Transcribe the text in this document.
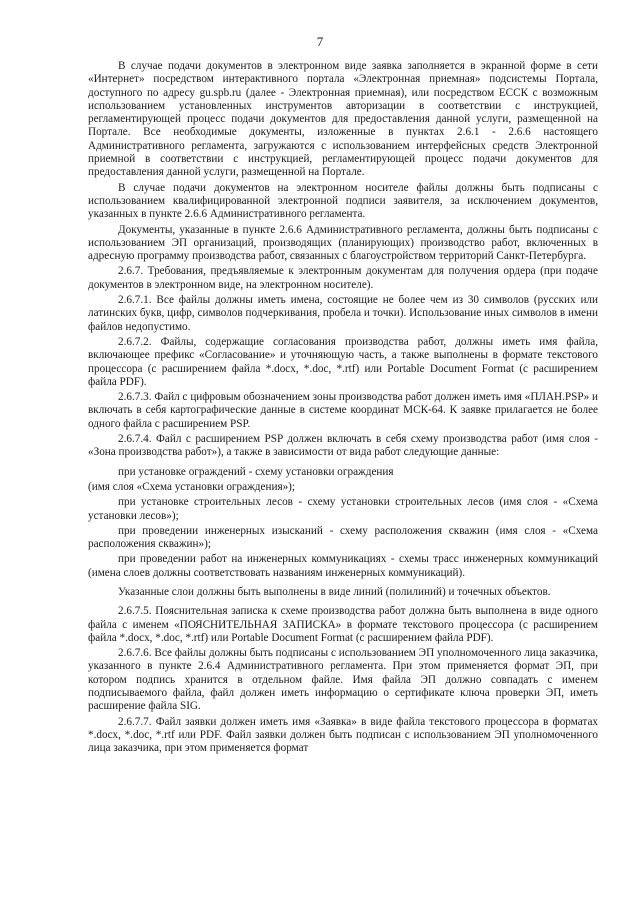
7

В случае подачи документов в электронном виде заявка заполняется в экранной форме в сети «Интернет» посредством интерактивного портала «Электронная приемная» подсистемы Портала, доступного по адресу gu.spb.ru (далее - Электронная приемная), или посредством ЕССК с возможным использованием установленных инструментов авторизации в соответствии с инструкцией, регламентирующей процесс подачи документов для предоставления данной услуги, размещенной на Портале. Все необходимые документы, изложенные в пунктах 2.6.1 - 2.6.6 настоящего Административного регламента, загружаются с использованием интерфейсных средств Электронной приемной в соответствии с инструкцией, регламентирующей процесс подачи документов для предоставления данной услуги, размещенной на Портале.

В случае подачи документов на электронном носителе файлы должны быть подписаны с использованием квалифицированной электронной подписи заявителя, за исключением документов, указанных в пункте 2.6.6 Административного регламента.

Документы, указанные в пункте 2.6.6 Административного регламента, должны быть подписаны с использованием ЭП организаций, производящих (планирующих) производство работ, включенных в адресную программу производства работ, связанных с благоустройством территорий Санкт-Петербурга.

2.6.7. Требования, предъявляемые к электронным документам для получения ордера (при подаче документов в электронном виде, на электронном носителе).

2.6.7.1. Все файлы должны иметь имена, состоящие не более чем из 30 символов (русских или латинских букв, цифр, символов подчеркивания, пробела и точки). Использование иных символов в имени файлов недопустимо.

2.6.7.2. Файлы, содержащие согласования производства работ, должны иметь имя файла, включающее префикс «Согласование» и уточняющую часть, а также выполнены в формате текстового процессора (с расширением файла *.docx, *.doc, *.rtf) или Portable Document Format (с расширением файла PDF).

2.6.7.3. Файл с цифровым обозначением зоны производства работ должен иметь имя «ПЛАН.PSP» и включать в себя картографические данные в системе координат МСК-64. К заявке прилагается не более одного файла с расширением PSP.

2.6.7.4. Файл с расширением PSP должен включать в себя схему производства работ (имя слоя - «Зона производства работ»), а также в зависимости от вида работ следующие данные:

при установке ограждений - схему установки ограждения

(имя слоя «Схема установки ограждения»);

при установке строительных лесов - схему установки строительных лесов (имя слоя - «Схема установки лесов»);

при проведении инженерных изысканий - схему расположения скважин (имя слоя - «Схема расположения скважин»);

при проведении работ на инженерных коммуникациях - схемы трасс инженерных коммуникаций (имена слоев должны соответствовать названиям инженерных коммуникаций).

Указанные слои должны быть выполнены в виде линий (полилиний) и точечных объектов.

2.6.7.5. Пояснительная записка к схеме производства работ должна быть выполнена в виде одного файла с именем «ПОЯСНИТЕЛЬНАЯ ЗАПИСКА» в формате текстового процессора (с расширением файла *.docx, *.doc, *.rtf) или Portable Document Format (с расширением файла PDF).

2.6.7.6. Все файлы должны быть подписаны с использованием ЭП уполномоченного лица заказчика, указанного в пункте 2.6.4 Административного регламента. При этом применяется формат ЭП, при котором подпись хранится в отдельном файле. Имя файла ЭП должно совпадать с именем подписываемого файла, файл должен иметь информацию о сертификате ключа проверки ЭП, иметь расширение файла SIG.

2.6.7.7. Файл заявки должен иметь имя «Заявка» в виде файла текстового процессора в форматах *.docx, *.doc, *.rtf или PDF. Файл заявки должен быть подписан с использованием ЭП уполномоченного лица заказчика, при этом применяется формат
